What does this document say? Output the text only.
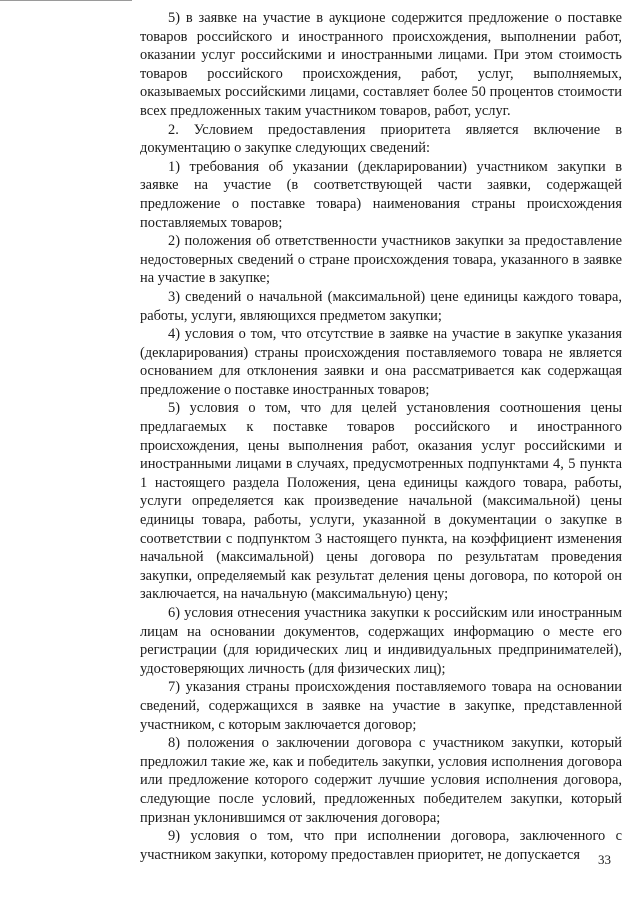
5) в заявке на участие в аукционе содержится предложение о поставке товаров российского и иностранного происхождения, выполнении работ, оказании услуг российскими и иностранными лицами. При этом стоимость товаров российского происхождения, работ, услуг, выполняемых, оказываемых российскими лицами, составляет более 50 процентов стоимости всех предложенных таким участником товаров, работ, услуг.

2. Условием предоставления приоритета является включение в документацию о закупке следующих сведений:

1) требования об указании (декларировании) участником закупки в заявке на участие (в соответствующей части заявки, содержащей предложение о поставке товара) наименования страны происхождения поставляемых товаров;

2) положения об ответственности участников закупки за предоставление недостоверных сведений о стране происхождения товара, указанного в заявке на участие в закупке;

3) сведений о начальной (максимальной) цене единицы каждого товара, работы, услуги, являющихся предметом закупки;

4) условия о том, что отсутствие в заявке на участие в закупке указания (декларирования) страны происхождения поставляемого товара не является основанием для отклонения заявки и она рассматривается как содержащая предложение о поставке иностранных товаров;

5) условия о том, что для целей установления соотношения цены предлагаемых к поставке товаров российского и иностранного происхождения, цены выполнения работ, оказания услуг российскими и иностранными лицами в случаях, предусмотренных подпунктами 4, 5 пункта 1 настоящего раздела Положения, цена единицы каждого товара, работы, услуги определяется как произведение начальной (максимальной) цены единицы товара, работы, услуги, указанной в документации о закупке в соответствии с подпунктом 3 настоящего пункта, на коэффициент изменения начальной (максимальной) цены договора по результатам проведения закупки, определяемый как результат деления цены договора, по которой он заключается, на начальную (максимальную) цену;

6) условия отнесения участника закупки к российским или иностранным лицам на основании документов, содержащих информацию о месте его регистрации (для юридических лиц и индивидуальных предпринимателей), удостоверяющих личность (для физических лиц);

7) указания страны происхождения поставляемого товара на основании сведений, содержащихся в заявке на участие в закупке, представленной участником, с которым заключается договор;

8) положения о заключении договора с участником закупки, который предложил такие же, как и победитель закупки, условия исполнения договора или предложение которого содержит лучшие условия исполнения договора, следующие после условий, предложенных победителем закупки, который признан уклонившимся от заключения договора;

9) условия о том, что при исполнении договора, заключенного с участником закупки, которому предоставлен приоритет, не допускается	33
